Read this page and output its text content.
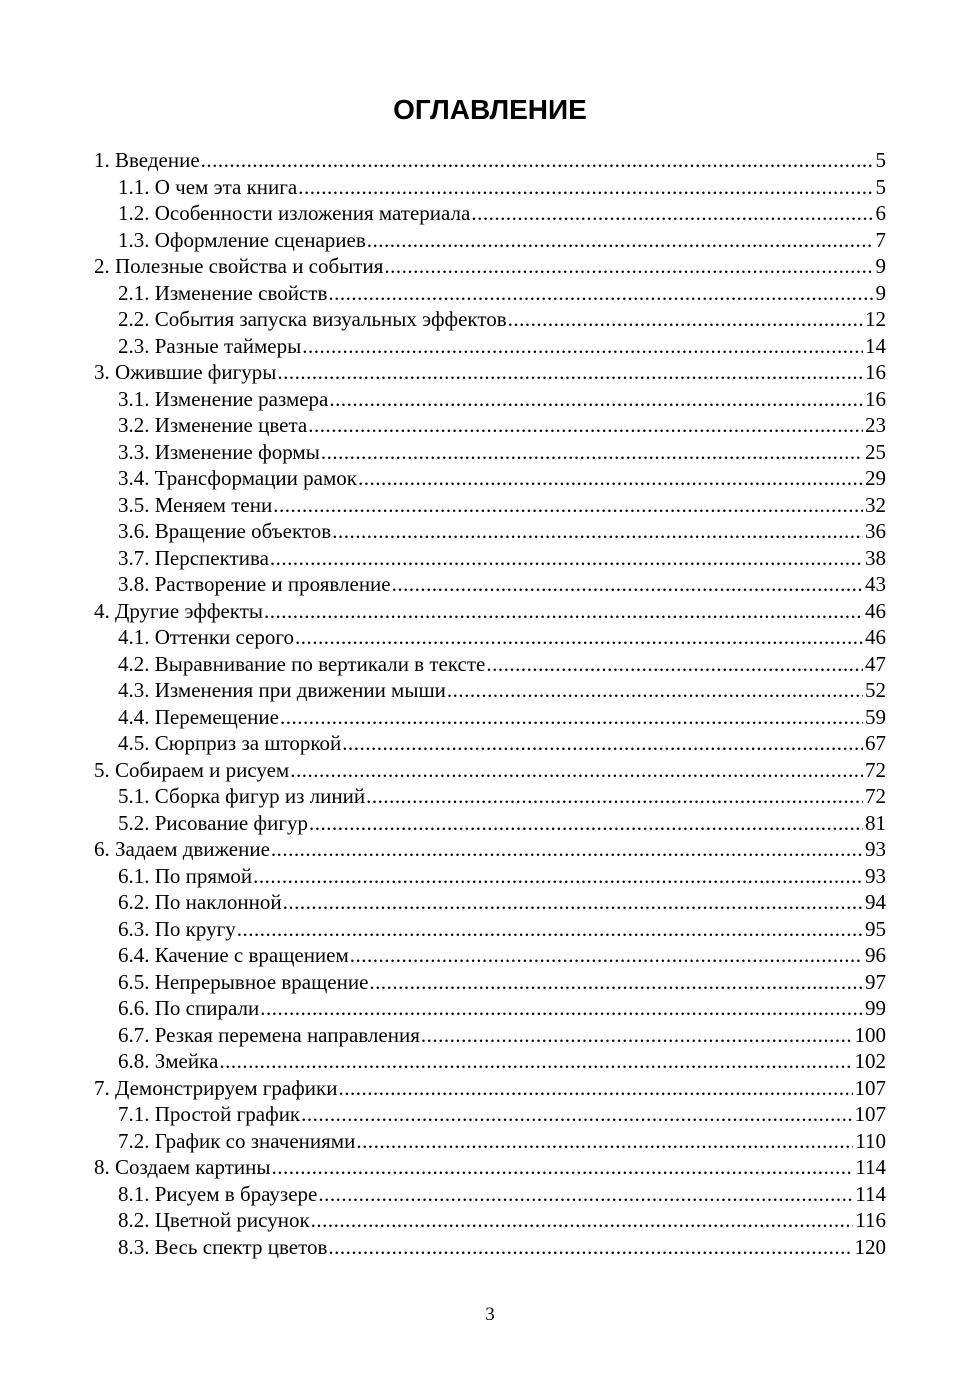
ОГЛАВЛЕНИЕ
1. Введение .....	5
1.1. О чем эта книга .....	5
1.2. Особенности изложения материала .....	6
1.3. Оформление сценариев .....	7
2. Полезные свойства и события .....	9
2.1. Изменение свойств .....	9
2.2. События запуска визуальных эффектов .....	12
2.3. Разные таймеры .....	14
3. Ожившие фигуры .....	16
3.1. Изменение размера .....	16
3.2. Изменение цвета .....	23
3.3. Изменение формы .....	25
3.4. Трансформации рамок .....	29
3.5. Меняем тени .....	32
3.6. Вращение объектов .....	36
3.7. Перспектива .....	38
3.8. Растворение и проявление .....	43
4. Другие эффекты .....	46
4.1. Оттенки серого .....	46
4.2. Выравнивание по вертикали в тексте .....	47
4.3. Изменения при движении мыши .....	52
4.4. Перемещение .....	59
4.5. Сюрприз за шторкой .....	67
5. Собираем и рисуем .....	72
5.1. Сборка фигур из линий .....	72
5.2. Рисование фигур .....	81
6. Задаем движение .....	93
6.1. По прямой .....	93
6.2. По наклонной .....	94
6.3. По кругу .....	95
6.4. Качение с вращением .....	96
6.5. Непрерывное вращение .....	97
6.6. По спирали .....	99
6.7. Резкая перемена направления .....	100
6.8. Змейка .....	102
7. Демонстрируем графики .....	107
7.1. Простой график .....	107
7.2. График со значениями .....	110
8. Создаем картины .....	114
8.1. Рисуем в браузере .....	114
8.2. Цветной рисунок .....	116
8.3. Весь спектр цветов .....	120
3
